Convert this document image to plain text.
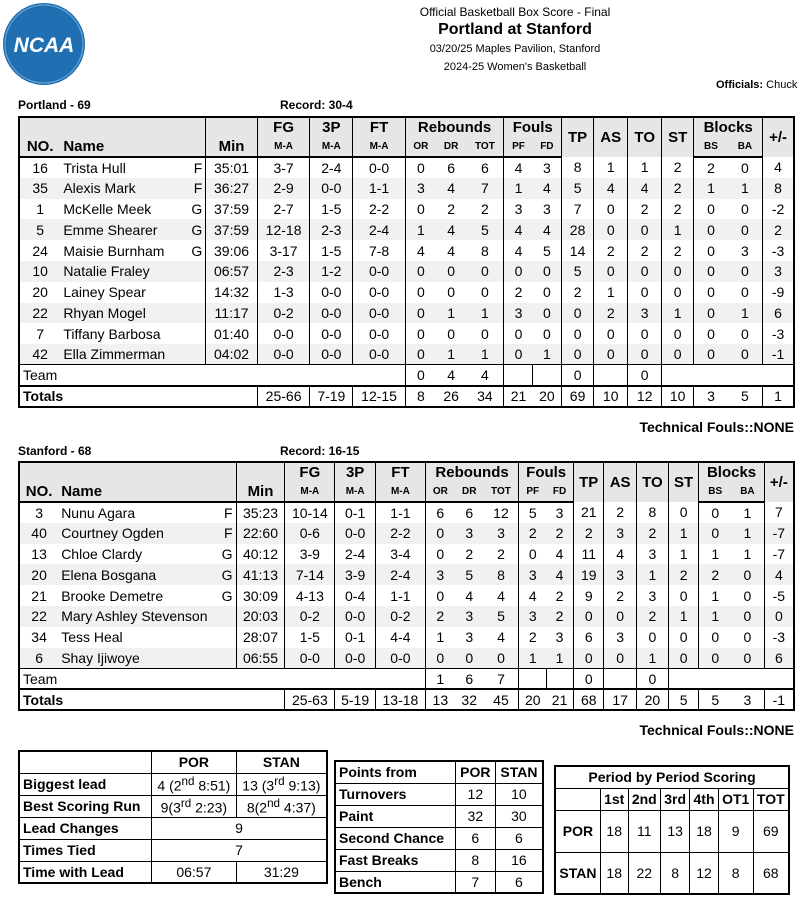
NCAA
Official Basketball Box Score - Final
Portland at Stanford
03/20/25 Maples Pavilion, Stanford
2024-25 Women's Basketball
Officials: Chuck
Portland - 69	Record: 30-4
			FG	3P	FT	Rebounds			Fouls		TP	AS	TO	ST	Blocks		+/-
NO.	Name	Min	M-A	M-A	M-A	OR	DR	TOT	PF	FD					BS	BA	
16	Trista Hull F	35:01	3-7	2-4	0-0	0	6	6	4	3	8	1	1	2	2	0	4
35	Alexis Mark F	36:27	2-9	0-0	1-1	3	4	7	1	4	5	4	4	2	1	1	8
1	McKelle Meek G	37:59	2-7	1-5	2-2	0	2	2	3	3	7	0	2	2	0	0	-2
5	Emme Shearer G	37:59	12-18	2-3	2-4	1	4	5	4	4	28	0	0	1	0	0	2
24	Maisie Burnham G	39:06	3-17	1-5	7-8	4	4	8	4	5	14	2	2	2	0	3	-3
10	Natalie Fraley	06:57	2-3	1-2	0-0	0	0	0	0	0	5	0	0	0	0	0	3
20	Lainey Spear	14:32	1-3	0-0	0-0	0	0	0	2	0	2	1	0	0	0	0	-9
22	Rhyan Mogel	11:17	0-2	0-0	0-0	0	1	1	3	0	0	2	3	1	0	1	6
7	Tiffany Barbosa	01:40	0-0	0-0	0-0	0	0	0	0	0	0	0	0	0	0	0	-3
42	Ella Zimmerman	04:02	0-0	0-0	0-0	0	1	1	0	1	0	0	0	0	0	0	-1
Team						0	4	4			0		0				
Totals			25-66	7-19	12-15	8	26	34	21	20	69	10	12	10	3	5	1
Technical Fouls::NONE
Stanford - 68	Record: 16-15
			FG	3P	FT	Rebounds			Fouls		TP	AS	TO	ST	Blocks		+/-
NO.	Name	Min	M-A	M-A	M-A	OR	DR	TOT	PF	FD					BS	BA	
3	Nunu Agara F	35:23	10-14	0-1	1-1	6	6	12	5	3	21	2	8	0	0	1	7
40	Courtney Ogden F	22:60	0-6	0-0	2-2	0	3	3	2	2	2	3	2	1	0	1	-7
13	Chloe Clardy G	40:12	3-9	2-4	3-4	0	2	2	0	4	11	4	3	1	1	1	-7
20	Elena Bosgana G	41:13	7-14	3-9	2-4	3	5	8	3	4	19	3	1	2	2	0	4
21	Brooke Demetre G	30:09	4-13	0-4	1-1	0	4	4	4	2	9	2	3	0	1	0	-5
22	Mary Ashley Stevenson	20:03	0-2	0-0	0-2	2	3	5	3	2	0	0	2	1	1	0	0
34	Tess Heal	28:07	1-5	0-1	4-4	1	3	4	2	3	6	3	0	0	0	0	-3
6	Shay Ijiwoye	06:55	0-0	0-0	0-0	0	0	0	1	1	0	0	1	0	0	0	6
Team						1	6	7			0		0				
Totals			25-63	5-19	13-18	13	32	45	20	21	68	17	20	5	5	3	-1
Technical Fouls::NONE
	POR	STAN
Biggest lead	4 (2nd 8:51)	13 (3rd 9:13)
Best Scoring Run	9(3rd 2:23)	8(2nd 4:37)
Lead Changes	9	
Times Tied	7	
Time with Lead	06:57	31:29
Points from	POR	STAN
Turnovers	12	10
Paint	32	30
Second Chance	6	6
Fast Breaks	8	16
Bench	7	6
Period by Period Scoring						
	1st	2nd	3rd	4th	OT1	TOT
POR	18	11	13	18	9	69
STAN	18	22	8	12	8	68
